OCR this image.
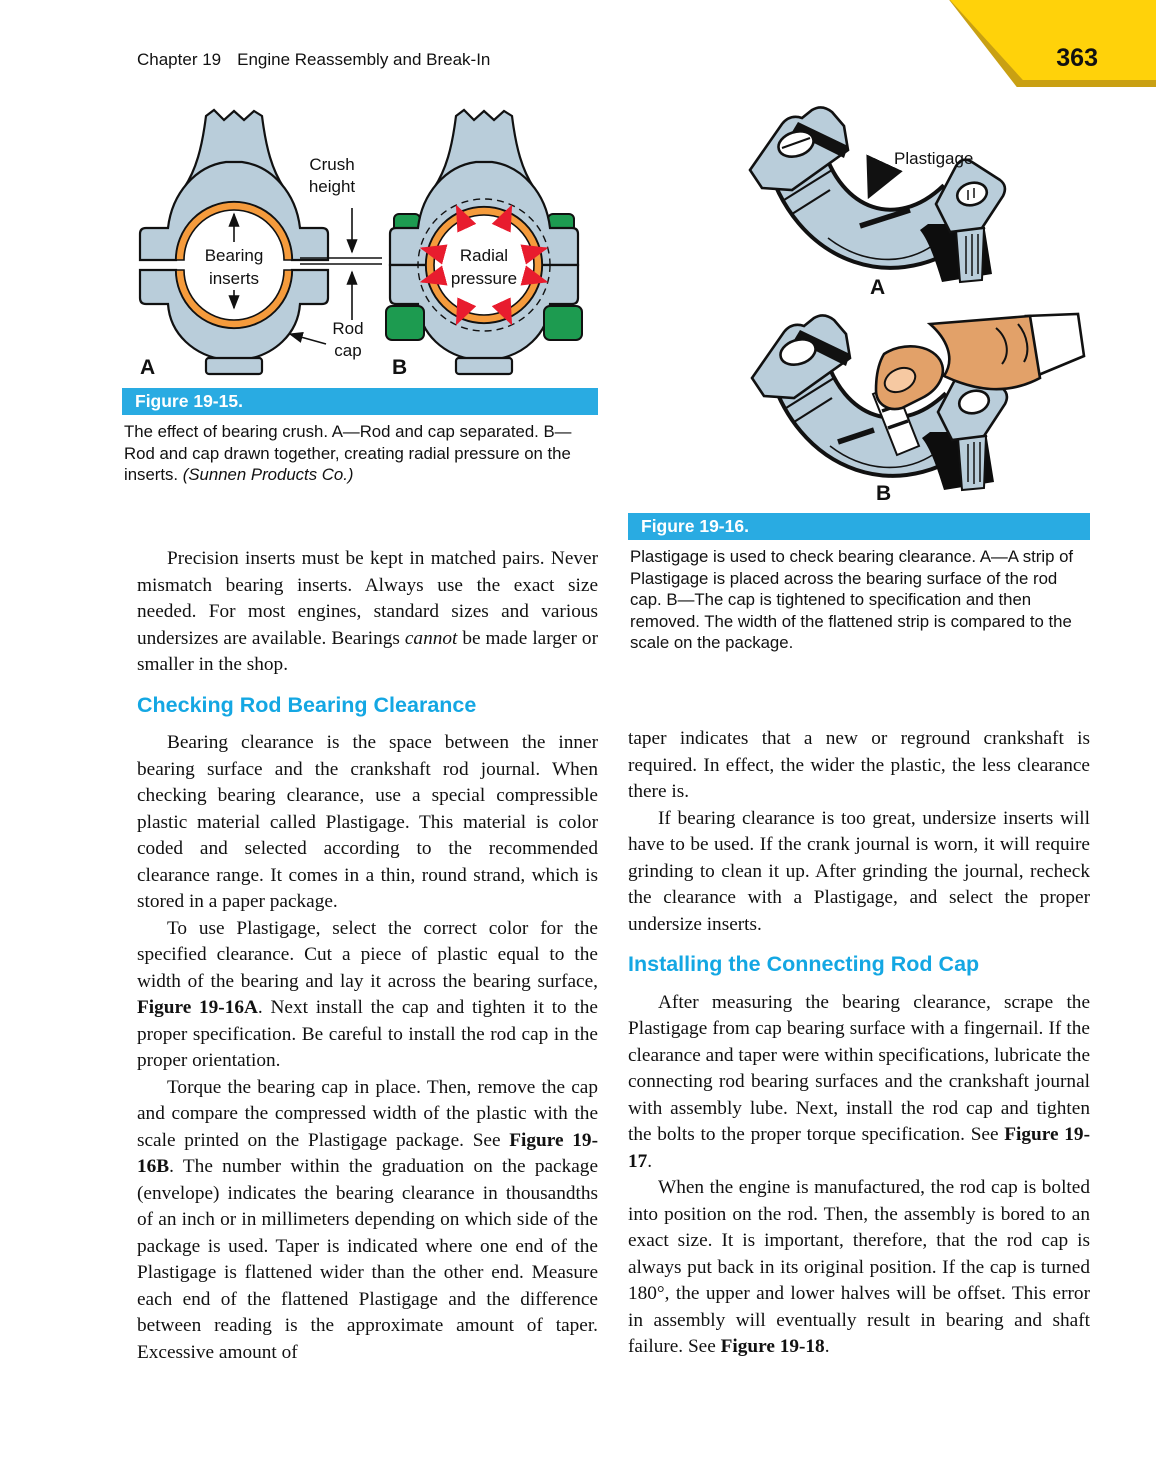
Chapter 19 Engine Reassembly and Break-In	363
Bearing
inserts
Crush
height
Rod
cap
A
Radial
pressure
B
Figure 19-15.
The effect of bearing crush. A—Rod and cap separated. B—Rod and cap drawn together, creating radial pressure on the inserts. (Sunnen Products Co.)
Plastigage
A
B
Figure 19-16.
Plastigage is used to check bearing clearance. A—A strip of Plastigage is placed across the bearing surface of the rod cap. B—The cap is tightened to specification and then removed. The width of the flattened strip is compared to the scale on the package.

Precision inserts must be kept in matched pairs. Never mismatch bearing inserts. Always use the exact size needed. For most engines, standard sizes and various undersizes are available. Bearings cannot be made larger or smaller in the shop.

Checking Rod Bearing Clearance

Bearing clearance is the space between the inner bearing surface and the crankshaft rod journal. When checking bearing clearance, use a special compressible plastic material called Plastigage. This material is color coded and selected according to the recommended clearance range. It comes in a thin, round strand, which is stored in a paper package.

To use Plastigage, select the correct color for the specified clearance. Cut a piece of plastic equal to the width of the bearing and lay it across the bearing surface, Figure 19-16A. Next install the cap and tighten it to the proper specification. Be careful to install the rod cap in the proper orientation.

Torque the bearing cap in place. Then, remove the cap and compare the compressed width of the plastic with the scale printed on the Plastigage package. See Figure 19-16B. The number within the graduation on the package (envelope) indicates the bearing clearance in thousandths of an inch or in millimeters depending on which side of the package is used. Taper is indicated where one end of the Plastigage is flattened wider than the other end. Measure each end of the flattened Plastigage and the difference between reading is the approximate amount of taper. Excessive amount of

taper indicates that a new or reground crankshaft is required. In effect, the wider the plastic, the less clearance there is.

If bearing clearance is too great, undersize inserts will have to be used. If the crank journal is worn, it will require grinding to clean it up. After grinding the journal, recheck the clearance with a Plastigage, and select the proper undersize inserts.

Installing the Connecting Rod Cap

After measuring the bearing clearance, scrape the Plastigage from cap bearing surface with a fingernail. If the clearance and taper were within specifications, lubricate the connecting rod bearing surfaces and the crankshaft journal with assembly lube. Next, install the rod cap and tighten the bolts to the proper torque specification. See Figure 19-17.

When the engine is manufactured, the rod cap is bolted into position on the rod. Then, the assembly is bored to an exact size. It is important, therefore, that the rod cap is always put back in its original position. If the cap is turned 180°, the upper and lower halves will be offset. This error in assembly will eventually result in bearing and shaft failure. See Figure 19-18.
